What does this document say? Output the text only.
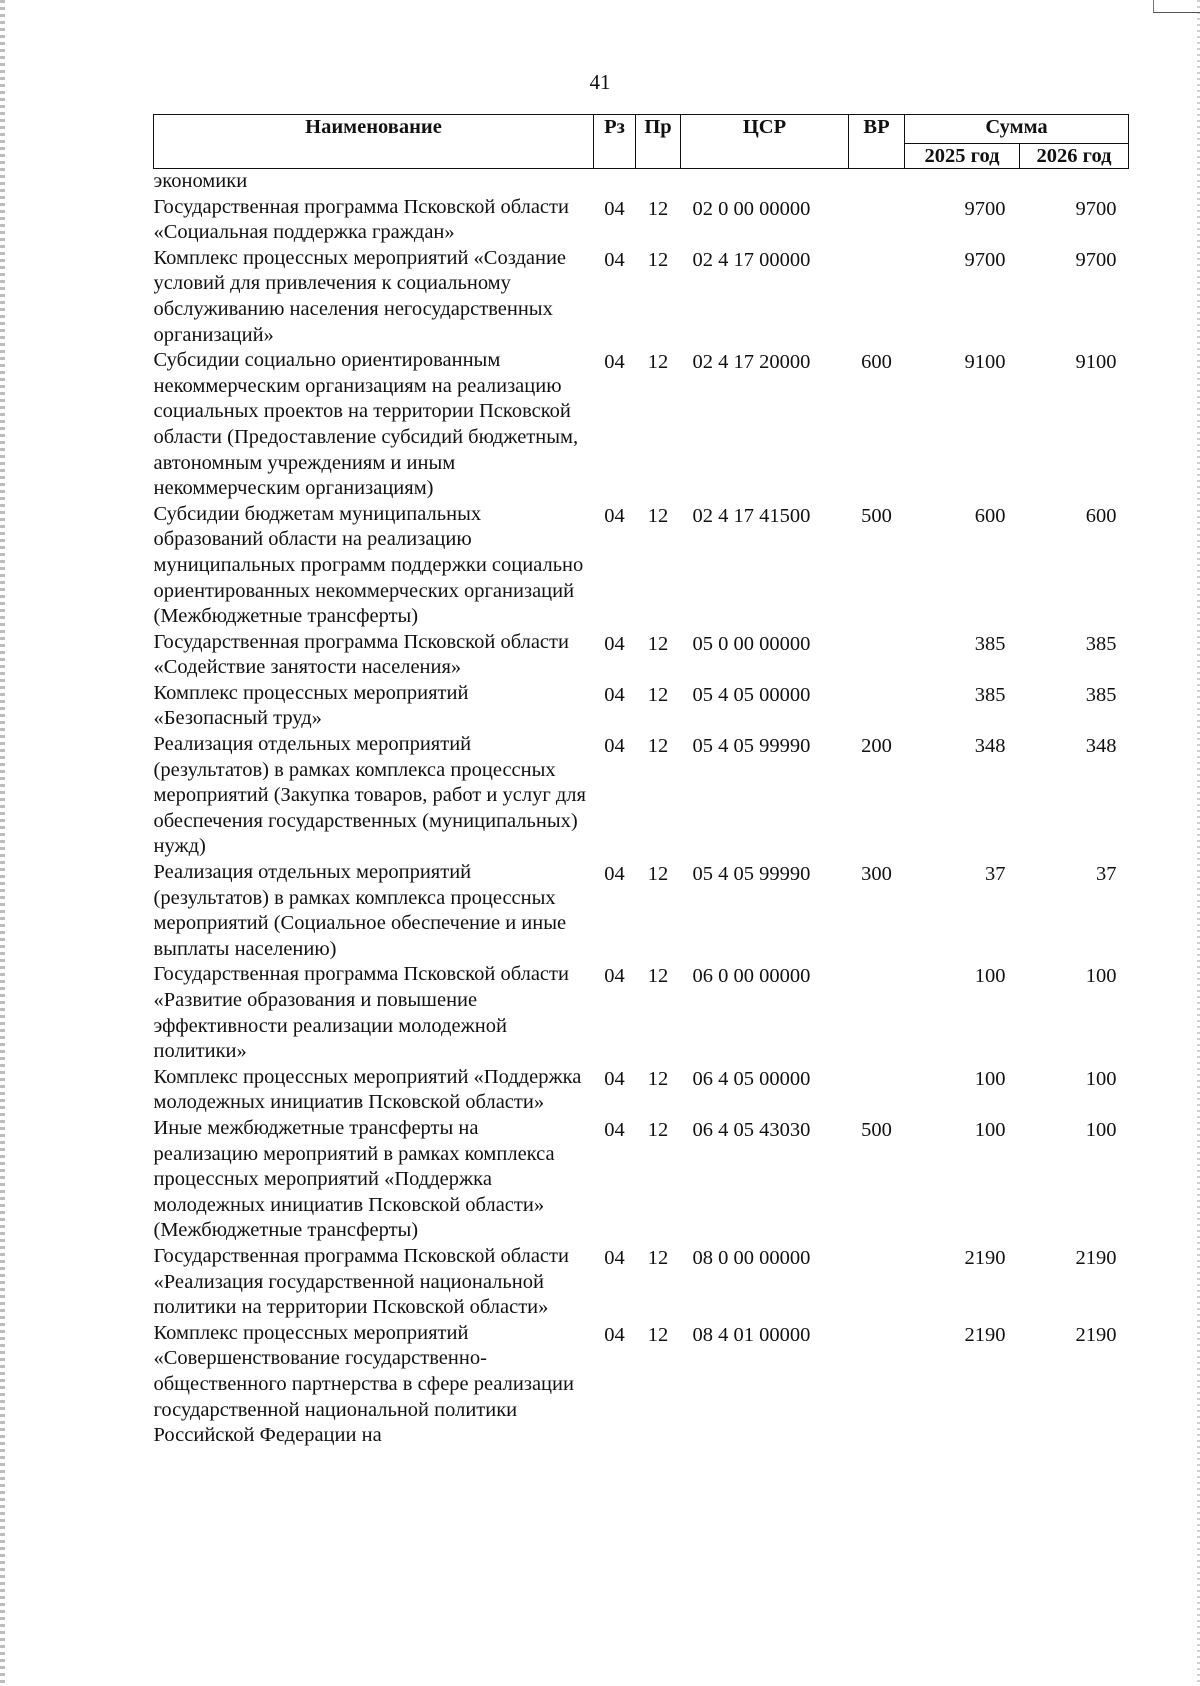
41
Наименование	Рз	Пр	ЦСР	ВР	Сумма	
					2025 год	2026 год
экономики						
Государственная программа Псковской области «Социальная поддержка граждан»	04	12	02 0 00 00000		9700	9700
Комплекс процессных мероприятий «Создание условий для привлечения к социальному обслуживанию населения негосударственных организаций»	04	12	02 4 17 00000		9700	9700
Субсидии социально ориентированным некоммерческим организациям на реализацию социальных проектов на территории Псковской области (Предоставление субсидий бюджетным, автономным учреждениям и иным некоммерческим организациям)	04	12	02 4 17 20000	600	9100	9100
Субсидии бюджетам муниципальных образований области на реализацию муниципальных программ поддержки социально ориентированных некоммерческих организаций (Межбюджетные трансферты)	04	12	02 4 17 41500	500	600	600
Государственная программа Псковской области «Содействие занятости населения»	04	12	05 0 00 00000		385	385
Комплекс процессных мероприятий «Безопасный труд»	04	12	05 4 05 00000		385	385
Реализация отдельных мероприятий (результатов) в рамках комплекса процессных мероприятий (Закупка товаров, работ и услуг для обеспечения государственных (муниципальных) нужд)	04	12	05 4 05 99990	200	348	348
Реализация отдельных мероприятий (результатов) в рамках комплекса процессных мероприятий (Социальное обеспечение и иные выплаты населению)	04	12	05 4 05 99990	300	37	37
Государственная программа Псковской области «Развитие образования и повышение эффективности реализации молодежной политики»	04	12	06 0 00 00000		100	100
Комплекс процессных мероприятий «Поддержка молодежных инициатив Псковской области»	04	12	06 4 05 00000		100	100
Иные межбюджетные трансферты на реализацию мероприятий в рамках комплекса процессных мероприятий «Поддержка молодежных инициатив Псковской области» (Межбюджетные трансферты)	04	12	06 4 05 43030	500	100	100
Государственная программа Псковской области «Реализация государственной национальной политики на территории Псковской области»	04	12	08 0 00 00000		2190	2190
Комплекс процессных мероприятий «Совершенствование государственно-общественного партнерства в сфере реализации государственной национальной политики Российской Федерации на	04	12	08 4 01 00000		2190	2190
